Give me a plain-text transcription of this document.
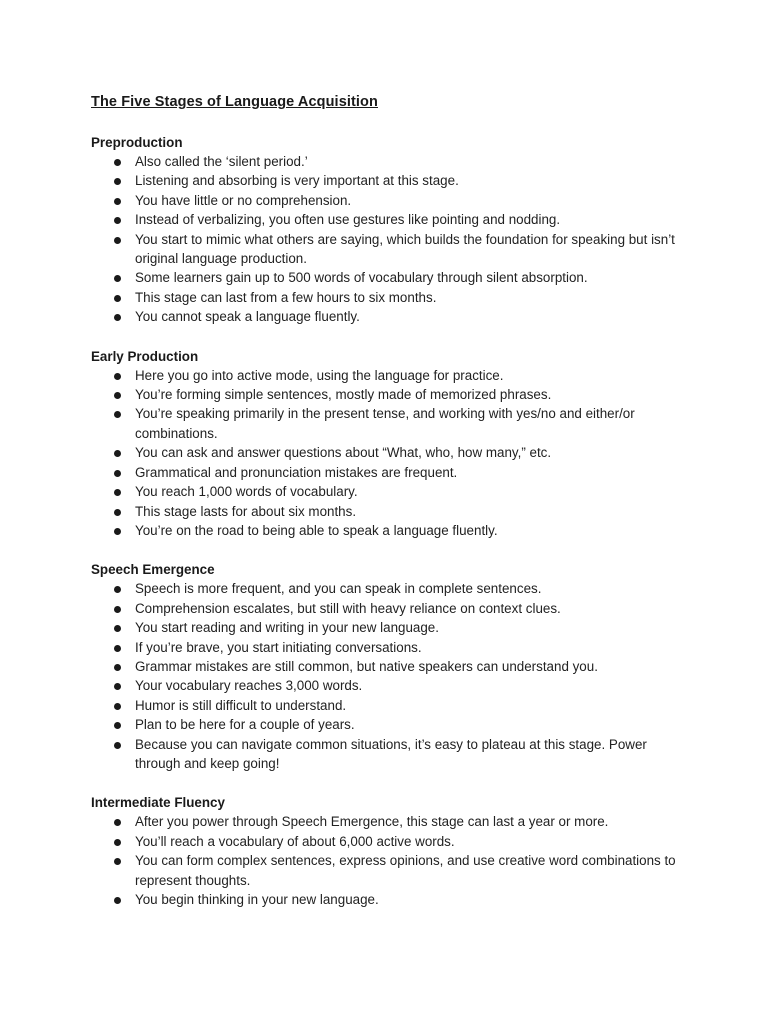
The Five Stages of Language Acquisition
Preproduction
Also called the ‘silent period.’
Listening and absorbing is very important at this stage.
You have little or no comprehension.
Instead of verbalizing, you often use gestures like pointing and nodding.
You start to mimic what others are saying, which builds the foundation for speaking but isn’t original language production.
Some learners gain up to 500 words of vocabulary through silent absorption.
This stage can last from a few hours to six months.
You cannot speak a language fluently.
Early Production
Here you go into active mode, using the language for practice.
You’re forming simple sentences, mostly made of memorized phrases.
You’re speaking primarily in the present tense, and working with yes/no and either/or combinations.
You can ask and answer questions about “What, who, how many,” etc.
Grammatical and pronunciation mistakes are frequent.
You reach 1,000 words of vocabulary.
This stage lasts for about six months.
You’re on the road to being able to speak a language fluently.
Speech Emergence
Speech is more frequent, and you can speak in complete sentences.
Comprehension escalates, but still with heavy reliance on context clues.
You start reading and writing in your new language.
If you’re brave, you start initiating conversations.
Grammar mistakes are still common, but native speakers can understand you.
Your vocabulary reaches 3,000 words.
Humor is still difficult to understand.
Plan to be here for a couple of years.
Because you can navigate common situations, it’s easy to plateau at this stage. Power through and keep going!
Intermediate Fluency
After you power through Speech Emergence, this stage can last a year or more.
You’ll reach a vocabulary of about 6,000 active words.
You can form complex sentences, express opinions, and use creative word combinations to represent thoughts.
You begin thinking in your new language.
